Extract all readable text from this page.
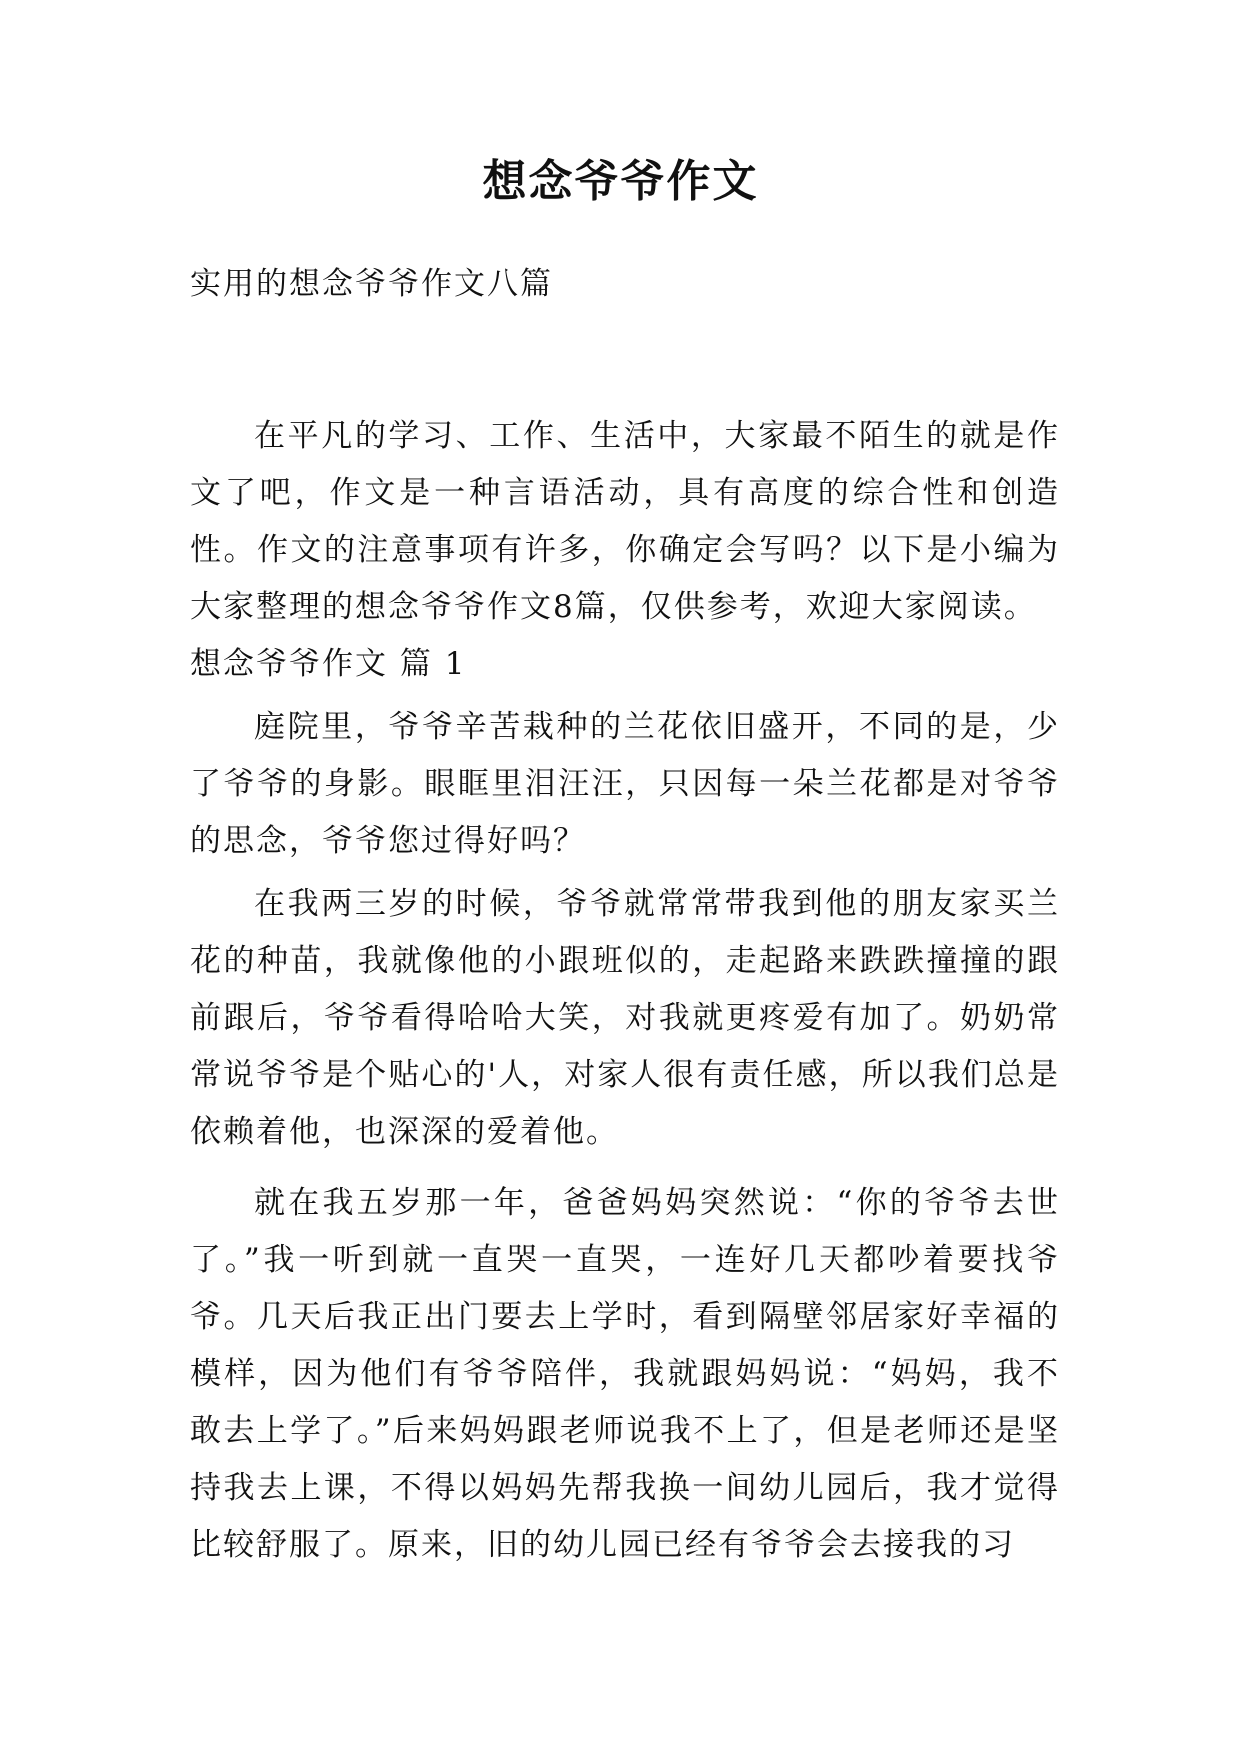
想念爷爷作文

实用的想念爷爷作文八篇

在平凡的学习、工作、生活中，大家最不陌生的就是作文了吧，作文是一种言语活动，具有高度的综合性和创造性。作文的注意事项有许多，你确定会写吗？以下是小编为大家整理的想念爷爷作文8篇，仅供参考，欢迎大家阅读。

想念爷爷作文 篇 1

庭院里，爷爷辛苦栽种的兰花依旧盛开，不同的是，少了爷爷的身影。眼眶里泪汪汪，只因每一朵兰花都是对爷爷的思念，爷爷您过得好吗？

在我两三岁的时候，爷爷就常常带我到他的朋友家买兰花的种苗，我就像他的小跟班似的，走起路来跌跌撞撞的跟前跟后，爷爷看得哈哈大笑，对我就更疼爱有加了。奶奶常常说爷爷是个贴心的'人，对家人很有责任感，所以我们总是依赖着他，也深深的爱着他。

就在我五岁那一年，爸爸妈妈突然说：“你的爷爷去世了。”我一听到就一直哭一直哭，一连好几天都吵着要找爷爷。几天后我正出门要去上学时，看到隔壁邻居家好幸福的模样，因为他们有爷爷陪伴，我就跟妈妈说：“妈妈，我不敢去上学了。”后来妈妈跟老师说我不上了，但是老师还是坚持我去上课，不得以妈妈先帮我换一间幼儿园后，我才觉得比较舒服了。原来，旧的幼儿园已经有爷爷会去接我的习
